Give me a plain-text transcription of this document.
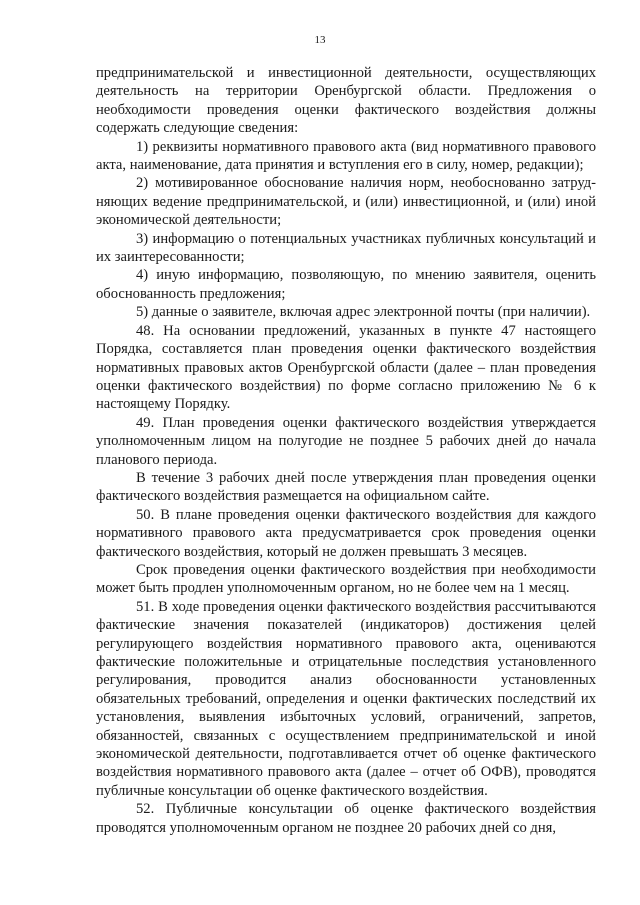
13

предпринимательской и инвестиционной деятельности, осуществляющих деятельность на территории Оренбургской области. Предложения о необходимости проведения оценки фактического воздействия должны содержать следующие сведения:

1) реквизиты нормативного правового акта (вид нормативного правового акта, наименование, дата принятия и вступления его в силу, номер, редакции);

2) мотивированное обоснование наличия норм, необоснованно затрудняющих ведение предпринимательской, и (или) инвестиционной, и (или) иной экономической деятельности;

3) информацию о потенциальных участниках публичных консультаций и их заинтересованности;

4) иную информацию, позволяющую, по мнению заявителя, оценить обоснованность предложения;

5) данные о заявителе, включая адрес электронной почты (при наличии).

48. На основании предложений, указанных в пункте 47 настоящего Порядка, составляется план проведения оценки фактического воздействия нормативных правовых актов Оренбургской области (далее – план проведения оценки фактического воздействия) по форме согласно приложению № 6 к настоящему Порядку.

49. План проведения оценки фактического воздействия утверждается уполномоченным лицом на полугодие не позднее 5 рабочих дней до начала планового периода.

В течение 3 рабочих дней после утверждения план проведения оценки фактического воздействия размещается на официальном сайте.

50. В плане проведения оценки фактического воздействия для каждого нормативного правового акта предусматривается срок проведения оценки фактического воздействия, который не должен превышать 3 месяцев.

Срок проведения оценки фактического воздействия при необходимости может быть продлен уполномоченным органом, но не более чем на 1 месяц.

51. В ходе проведения оценки фактического воздействия рассчитываются фактические значения показателей (индикаторов) достижения целей регулирующего воздействия нормативного правового акта, оцениваются фактические положительные и отрицательные последствия установленного регулирования, проводится анализ обоснованности установленных обязательных требований, определения и оценки фактических последствий их установления, выявления избыточных условий, ограничений, запретов, обязанностей, связанных с осуществлением предпринимательской и иной экономической деятельности, подготавливается отчет об оценке фактического воздействия нормативного правового акта (далее – отчет об ОФВ), проводятся публичные консультации об оценке фактического воздействия.

52. Публичные консультации об оценке фактического воздействия проводятся уполномоченным органом не позднее 20 рабочих дней со дня,
